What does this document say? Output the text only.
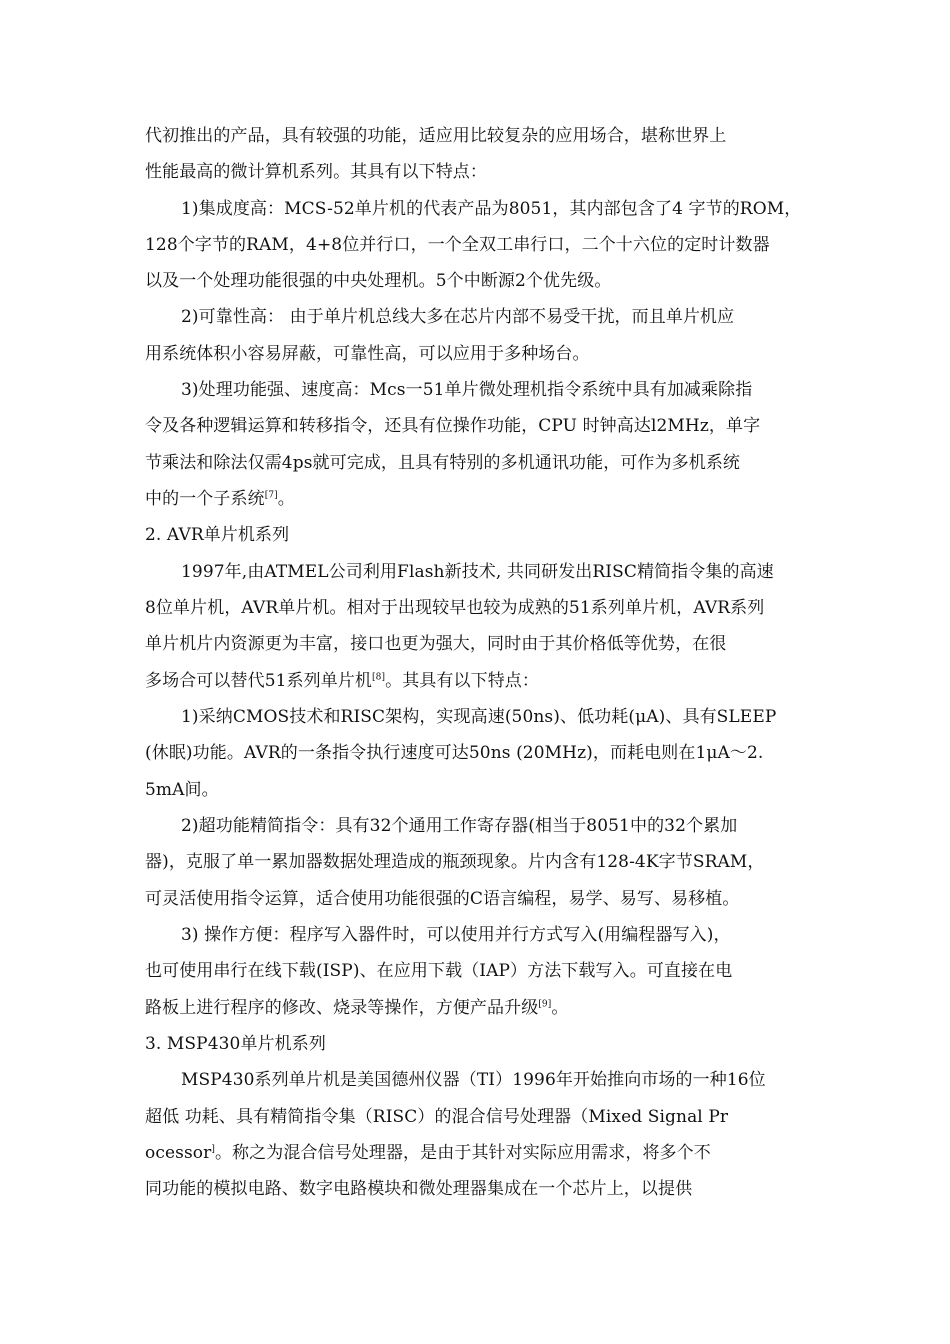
代初推出的产品，具有较强的功能，适应用比较复杂的应用场合，堪称世界上
性能最高的微计算机系列。其具有以下特点：
1)集成度高：MCS-52单片机的代表产品为8051，其内部包含了4 字节的ROM，
128个字节的RAM，4+8位并行口，一个全双工串行口，二个十六位的定时计数器
以及一个处理功能很强的中央处理机。5个中断源2个优先级。
2)可靠性高： 由于单片机总线大多在芯片内部不易受干扰，而且单片机应
用系统体积小容易屏蔽，可靠性高，可以应用于多种场台。
3)处理功能强、速度高：Mcs一51单片微处理机指令系统中具有加减乘除指
令及各种逻辑运算和转移指令，还具有位操作功能，CPU 时钟高达l2MHz，单字
节乘法和除法仅需4ps就可完成，且具有特别的多机通讯功能，可作为多机系统
中的一个子系统[7]。
2. AVR单片机系列
1997年,由ATMEL公司利用Flash新技术, 共同研发出RISC精简指令集的高速
8位单片机，AVR单片机。相对于出现较早也较为成熟的51系列单片机，AVR系列
单片机片内资源更为丰富，接口也更为强大，同时由于其价格低等优势，在很
多场合可以替代51系列单片机[8]。其具有以下特点：
1)采纳CMOS技术和RISC架构，实现高速(50ns)、低功耗(μA)、具有SLEEP
(休眠)功能。AVR的一条指令执行速度可达50ns (20MHz)，而耗电则在1μA～2.
5mA间。
2)超功能精简指令：具有32个通用工作寄存器(相当于8051中的32个累加
器)，克服了单一累加器数据处理造成的瓶颈现象。片内含有128-4K字节SRAM，
可灵活使用指令运算，适合使用功能很强的C语言编程，易学、易写、易移植。
3) 操作方便：程序写入器件时，可以使用并行方式写入(用编程器写入)，
也可使用串行在线下载(ISP)、在应用下载（IAP）方法下载写入。可直接在电
路板上进行程序的修改、烧录等操作，方便产品升级[9]。
3. MSP430单片机系列
MSP430系列单片机是美国德州仪器（TI）1996年开始推向市场的一种16位
超低 功耗、具有精简指令集（RISC）的混合信号处理器（Mixed Signal Pr
ocessor]。称之为混合信号处理器，是由于其针对实际应用需求，将多个不
同功能的模拟电路、数字电路模块和微处理器集成在一个芯片上，以提供
